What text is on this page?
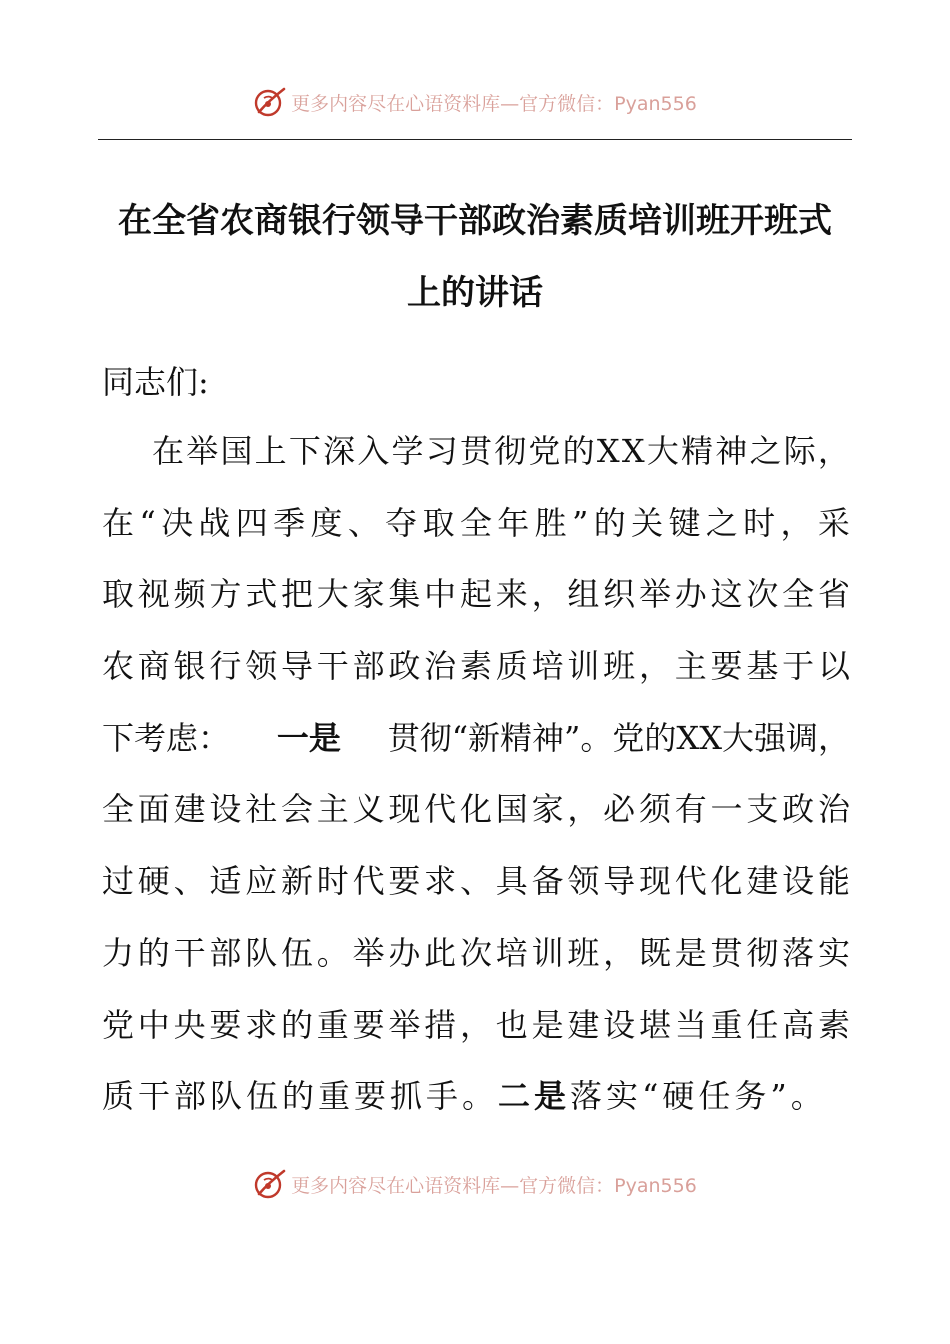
更多内容尽在心语资料库—官方微信：Pyan556
在全省农商银行领导干部政治素质培训班开班式
上的讲话
同志们:
在 举 国 上 下 深 入 学 习 贯 彻 党 的 X X 大 精 神 之 际 ，
在 “ 决 战 四 季 度 、 夺 取 全 年 胜 ” 的 关 键 之 时 ， 采
取 视 频 方 式 把 大 家 集 中 起 来 ， 组 织 举 办 这 次 全 省
农 商 银 行 领 导 干 部 政 治 素 质 培 训 班 ， 主 要 基 于 以
下考虑： 一是 贯彻“新精神”。党的XX大强调，
全 面 建 设 社 会 主 义 现 代 化 国 家 ， 必 须 有 一 支 政 治
过 硬 、 适 应 新 时 代 要 求 、 具 备 领 导 现 代 化 建 设 能
力 的 干 部 队 伍 。 举 办 此 次 培 训 班 ， 既 是 贯 彻 落 实
党 中 央 要 求 的 重 要 举 措 ， 也 是 建 设 堪 当 重 任 高 素
质干部队伍的重要抓手。 二是 落实“硬任务”。
更多内容尽在心语资料库—官方微信：Pyan556
